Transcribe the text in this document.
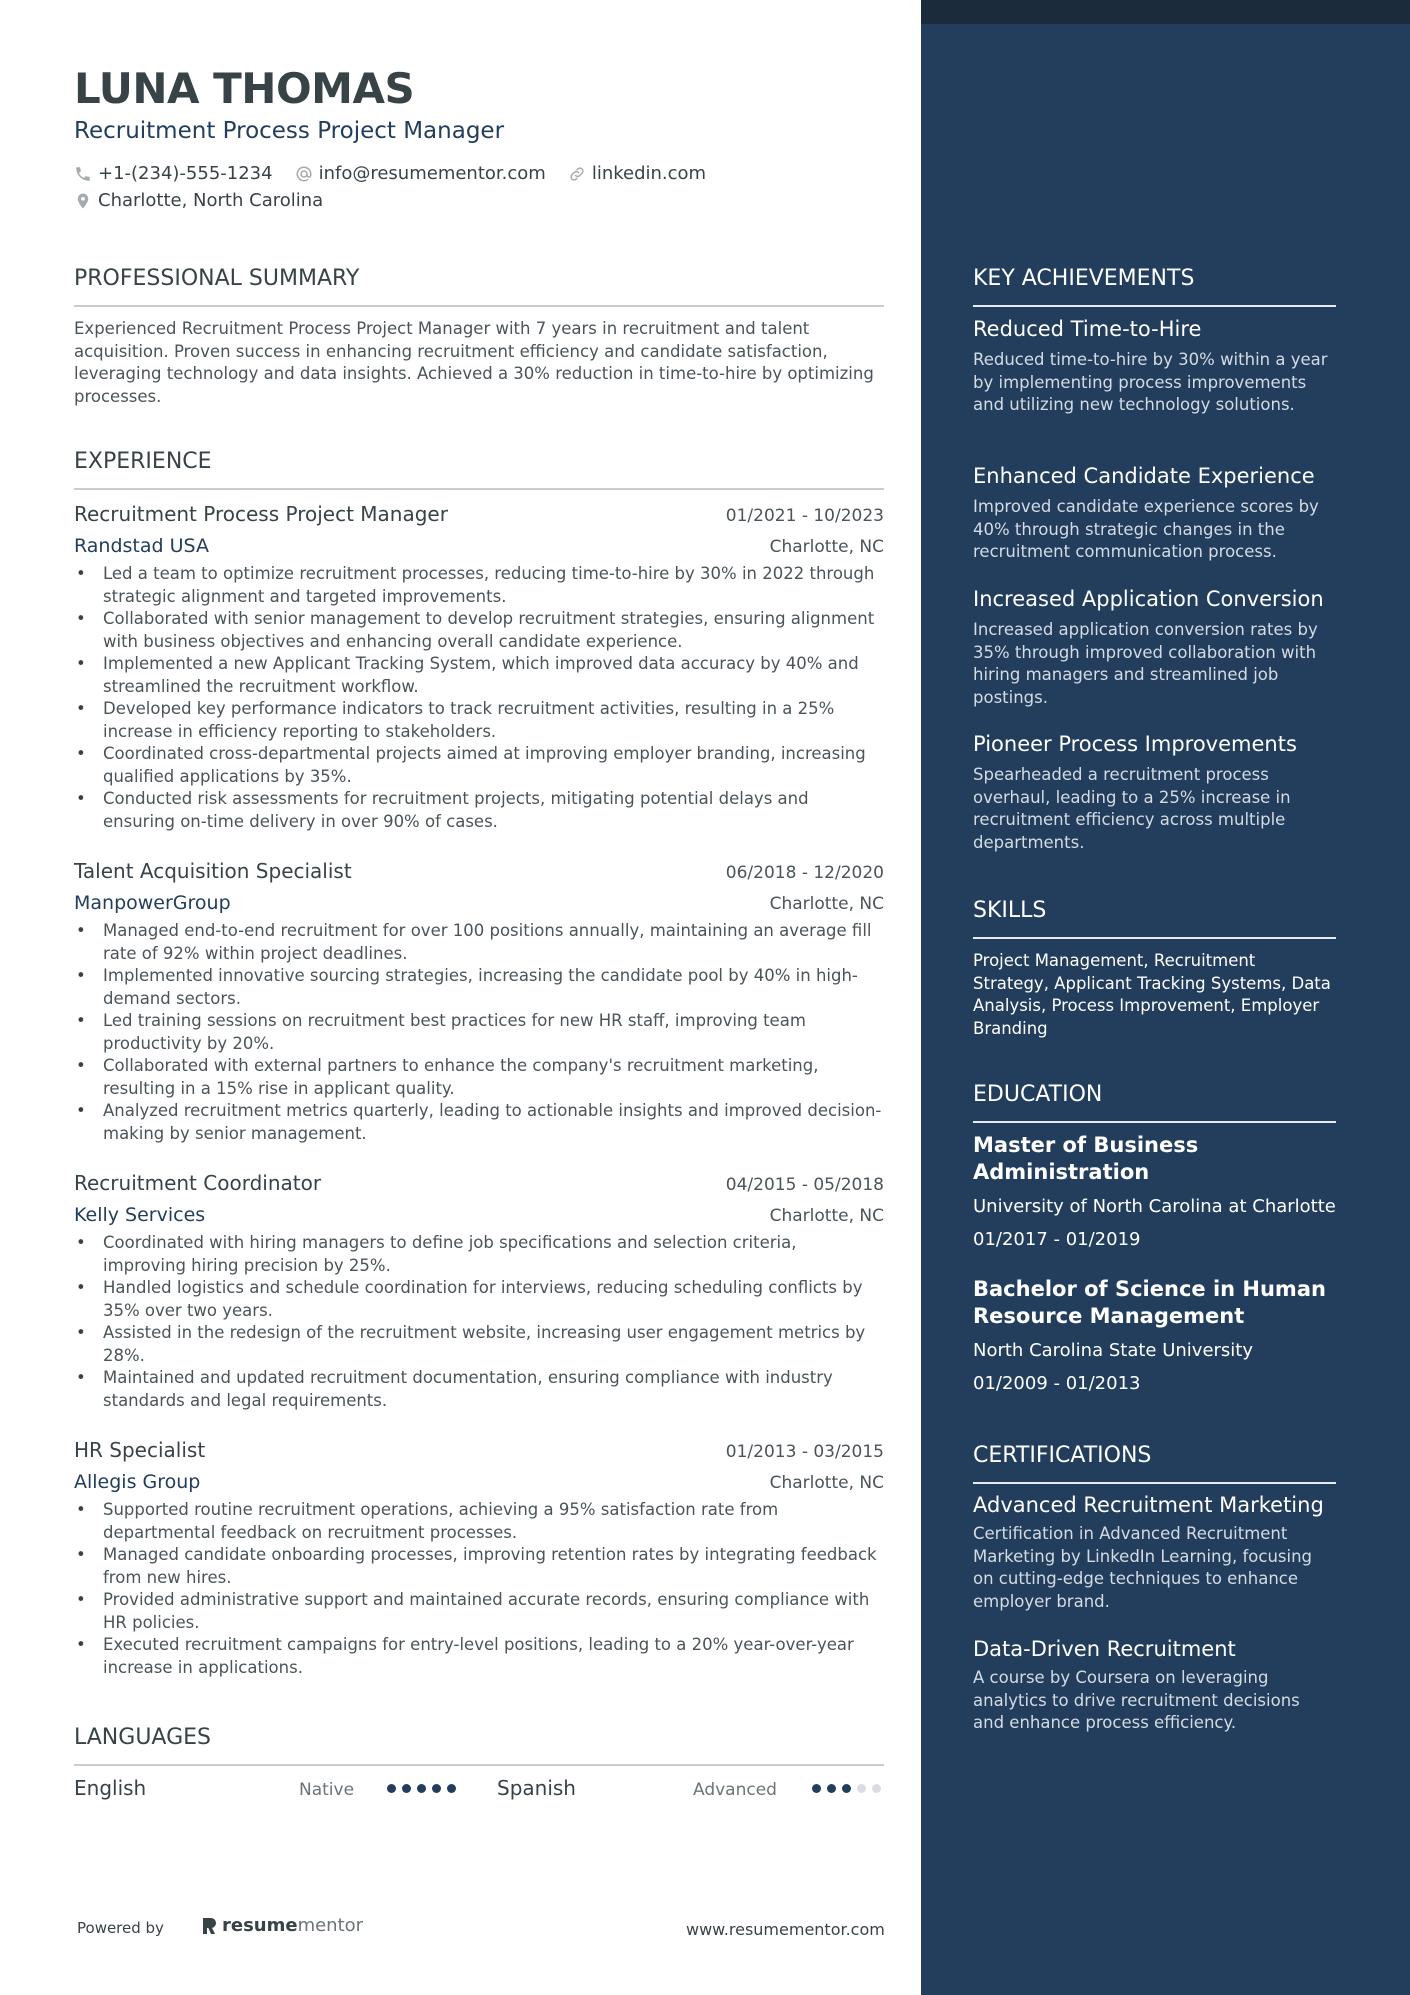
LUNA THOMAS
Recruitment Process Project Manager
+1-(234)-555-1234	info@resumementor.com	linkedin.com
Charlotte, North Carolina
PROFESSIONAL SUMMARY
Experienced Recruitment Process Project Manager with 7 years in recruitment and talent acquisition. Proven success in enhancing recruitment efficiency and candidate satisfaction, leveraging technology and data insights. Achieved a 30% reduction in time-to-hire by optimizing processes.
EXPERIENCE
Recruitment Process Project Manager	01/2021 - 10/2023
Randstad USA	Charlotte, NC
• Led a team to optimize recruitment processes, reducing time-to-hire by 30% in 2022 through strategic alignment and targeted improvements.
• Collaborated with senior management to develop recruitment strategies, ensuring alignment with business objectives and enhancing overall candidate experience.
• Implemented a new Applicant Tracking System, which improved data accuracy by 40% and streamlined the recruitment workflow.
• Developed key performance indicators to track recruitment activities, resulting in a 25% increase in efficiency reporting to stakeholders.
• Coordinated cross-departmental projects aimed at improving employer branding, increasing qualified applications by 35%.
• Conducted risk assessments for recruitment projects, mitigating potential delays and ensuring on-time delivery in over 90% of cases.
Talent Acquisition Specialist	06/2018 - 12/2020
ManpowerGroup	Charlotte, NC
• Managed end-to-end recruitment for over 100 positions annually, maintaining an average fill rate of 92% within project deadlines.
• Implemented innovative sourcing strategies, increasing the candidate pool by 40% in high-demand sectors.
• Led training sessions on recruitment best practices for new HR staff, improving team productivity by 20%.
• Collaborated with external partners to enhance the company's recruitment marketing, resulting in a 15% rise in applicant quality.
• Analyzed recruitment metrics quarterly, leading to actionable insights and improved decision-making by senior management.
Recruitment Coordinator	04/2015 - 05/2018
Kelly Services	Charlotte, NC
• Coordinated with hiring managers to define job specifications and selection criteria, improving hiring precision by 25%.
• Handled logistics and schedule coordination for interviews, reducing scheduling conflicts by 35% over two years.
• Assisted in the redesign of the recruitment website, increasing user engagement metrics by 28%.
• Maintained and updated recruitment documentation, ensuring compliance with industry standards and legal requirements.
HR Specialist	01/2013 - 03/2015
Allegis Group	Charlotte, NC
• Supported routine recruitment operations, achieving a 95% satisfaction rate from departmental feedback on recruitment processes.
• Managed candidate onboarding processes, improving retention rates by integrating feedback from new hires.
• Provided administrative support and maintained accurate records, ensuring compliance with HR policies.
• Executed recruitment campaigns for entry-level positions, leading to a 20% year-over-year increase in applications.
LANGUAGES
English	Native	Spanish	Advanced
Powered by	resume mentor	www.resumementor.com
KEY ACHIEVEMENTS
Reduced Time-to-Hire
Reduced time-to-hire by 30% within a year by implementing process improvements and utilizing new technology solutions.
Enhanced Candidate Experience
Improved candidate experience scores by 40% through strategic changes in the recruitment communication process.
Increased Application Conversion
Increased application conversion rates by 35% through improved collaboration with hiring managers and streamlined job postings.
Pioneer Process Improvements
Spearheaded a recruitment process overhaul, leading to a 25% increase in recruitment efficiency across multiple departments.
SKILLS
Project Management, Recruitment Strategy, Applicant Tracking Systems, Data Analysis, Process Improvement, Employer Branding
EDUCATION
Master of Business Administration
University of North Carolina at Charlotte
01/2017 - 01/2019
Bachelor of Science in Human Resource Management
North Carolina State University
01/2009 - 01/2013
CERTIFICATIONS
Advanced Recruitment Marketing
Certification in Advanced Recruitment Marketing by LinkedIn Learning, focusing on cutting-edge techniques to enhance employer brand.
Data-Driven Recruitment
A course by Coursera on leveraging analytics to drive recruitment decisions and enhance process efficiency.
